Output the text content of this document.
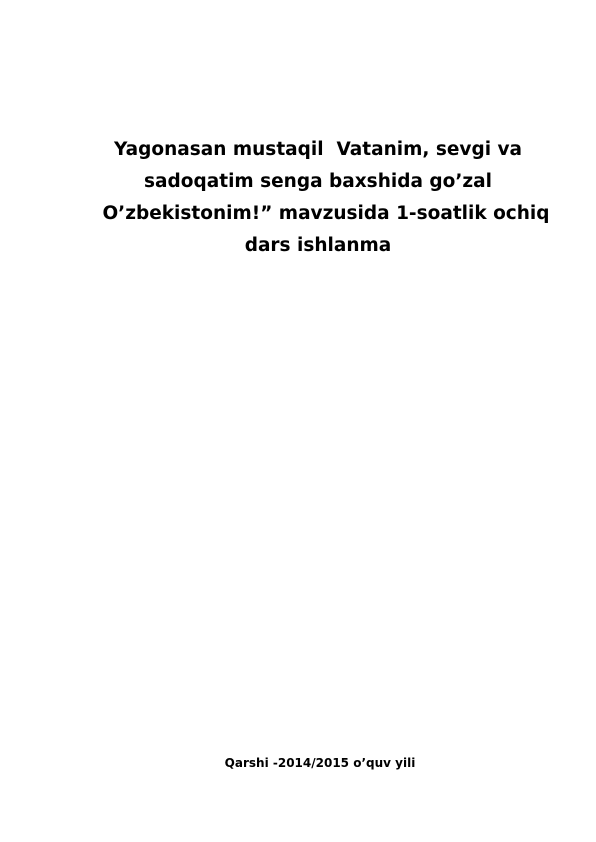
Yagonasan mustaqil  Vatanim, sevgi va
sadoqatim senga baxshida go’zal
O’zbekistonim!” mavzusida 1-soatlik ochiq
dars ishlanma
Qarshi -2014/2015 o’quv yili
